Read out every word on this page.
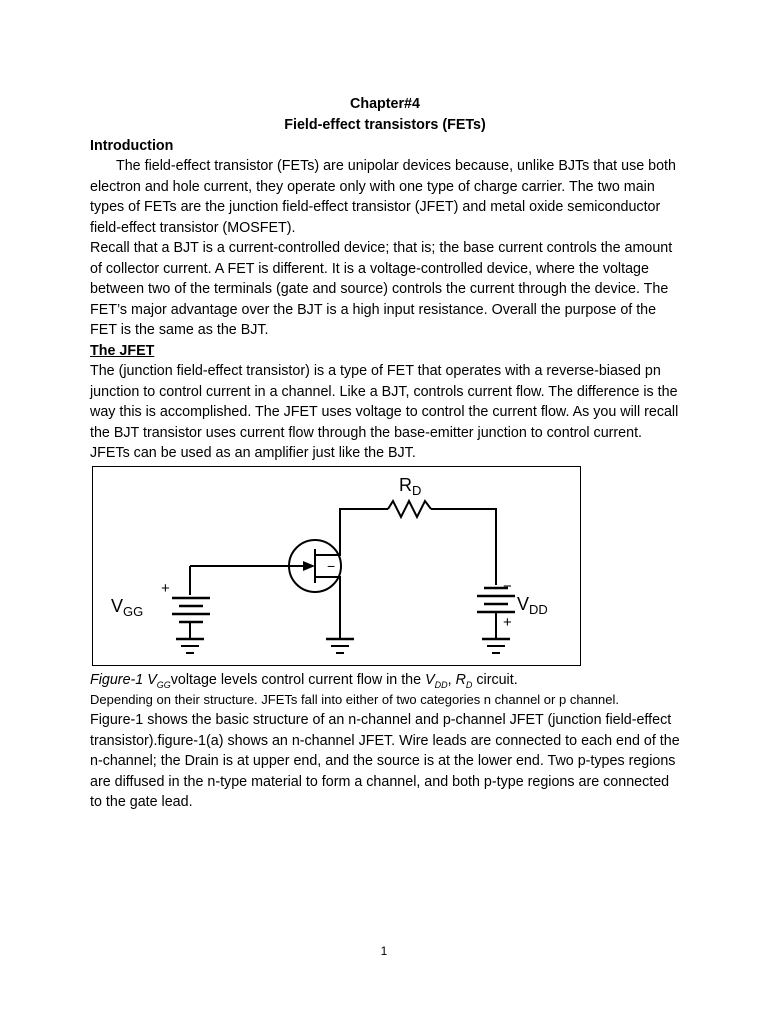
Chapter#4
Field-effect transistors (FETs)
Introduction
The field-effect transistor (FETs) are unipolar devices because, unlike BJTs that use both electron and hole current, they operate only with one type of charge carrier. The two main types of FETs are the junction field-effect transistor (JFET) and metal oxide semiconductor field-effect transistor (MOSFET).
Recall that a BJT is a current-controlled device; that is; the base current controls the amount of collector current. A FET is different. It is a voltage-controlled device, where the voltage between two of the terminals (gate and source) controls the current through the device. The FET’s major advantage over the BJT is a high input resistance. Overall the purpose of the FET is the same as the BJT.
The JFET
The (junction field-effect transistor) is a type of FET that operates with a reverse-biased pn junction to control current in a channel. Like a BJT, controls current flow. The difference is the way this is accomplished. The JFET uses voltage to control the current flow. As you will recall the BJT transistor uses current flow through the base-emitter junction to control current. JFETs can be used as an amplifier just like the BJT.
−
$R_D$
$V_{GG}$	$V_{DD}$
+	−
+
Figure-1 $V_{GG}voltage$ levels control current flow in the $V_{DD}$, $R_D$ circuit.
Depending on their structure. JFETs fall into either of two categories n channel or p channel.
Figure-1 shows the basic structure of an n-channel and p-channel JFET (junction field-effect transistor).figure-1(a) shows an n-channel JFET. Wire leads are connected to each end of the n-channel; the Drain is at upper end, and the source is at the lower end. Two p-types regions are diffused in the n-type material to form a channel, and both p-type regions are connected to the gate lead.
1
